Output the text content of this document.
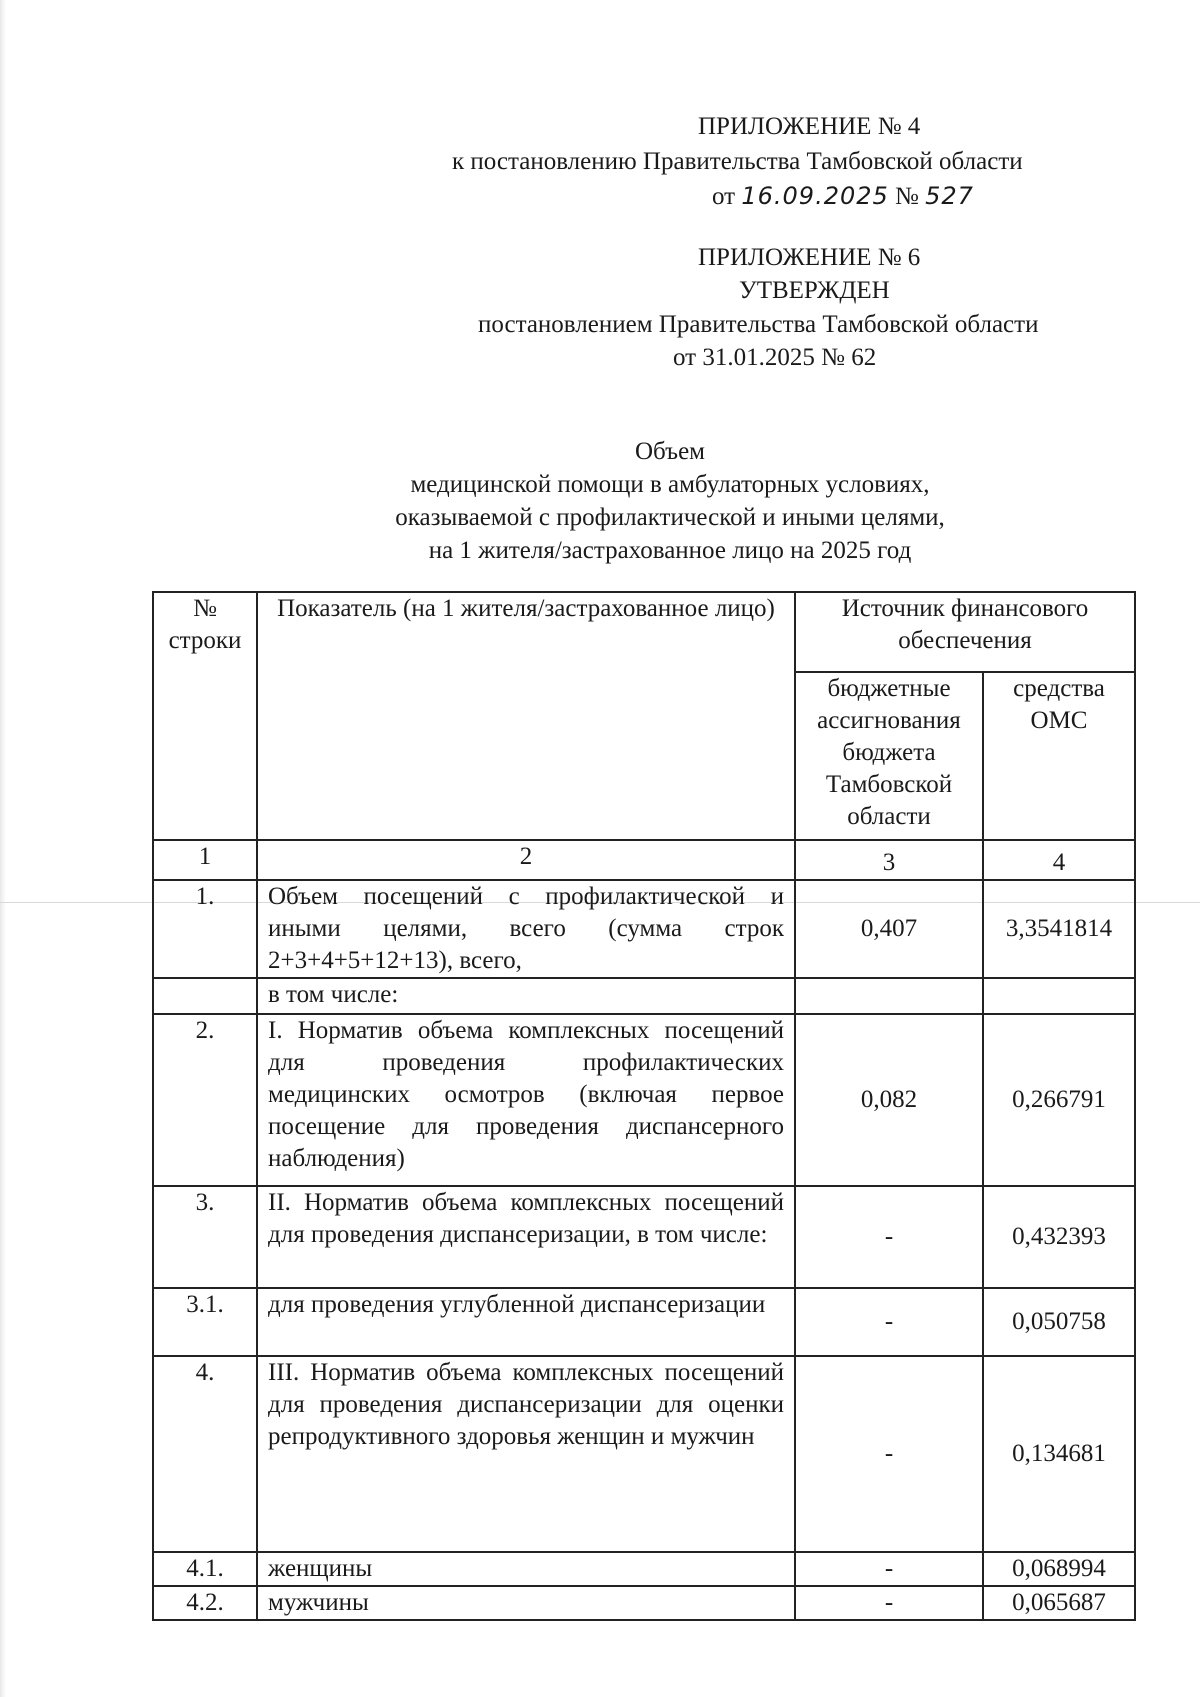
ПРИЛОЖЕНИЕ № 4
к постановлению Правительства Тамбовской области
от 16.09.2025 № 527
ПРИЛОЖЕНИЕ № 6
УТВЕРЖДЕН
постановлением Правительства Тамбовской области
от 31.01.2025 № 62
Объем
медицинской помощи в амбулаторных условиях,
оказываемой с профилактической и иными целями,
на 1 жителя/застрахованное лицо на 2025 год
№ строки	Показатель (на 1 жителя/застрахованное лицо)	Источник финансового обеспечения	
		бюджетные ассигнования бюджета Тамбовской области	средства ОМС
1	2	3	4
1.	Объем посещений с профилактической и иными целями, всего (сумма строк 2+3+4+5+12+13), всего,	0,407	3,3541814
	в том числе:		
2.	I. Норматив объема комплексных посещений для проведения профилактических медицинских осмотров (включая первое посещение для проведения диспансерного наблюдения)	0,082	0,266791
3.	II. Норматив объема комплексных посещений для проведения диспансеризации, в том числе:	-	0,432393
3.1.	для проведения углубленной диспансеризации	-	0,050758
4.	III. Норматив объема комплексных посещений для проведения диспансеризации для оценки репродуктивного здоровья женщин и мужчин	-	0,134681
4.1.	женщины	-	0,068994
4.2.	мужчины	-	0,065687
